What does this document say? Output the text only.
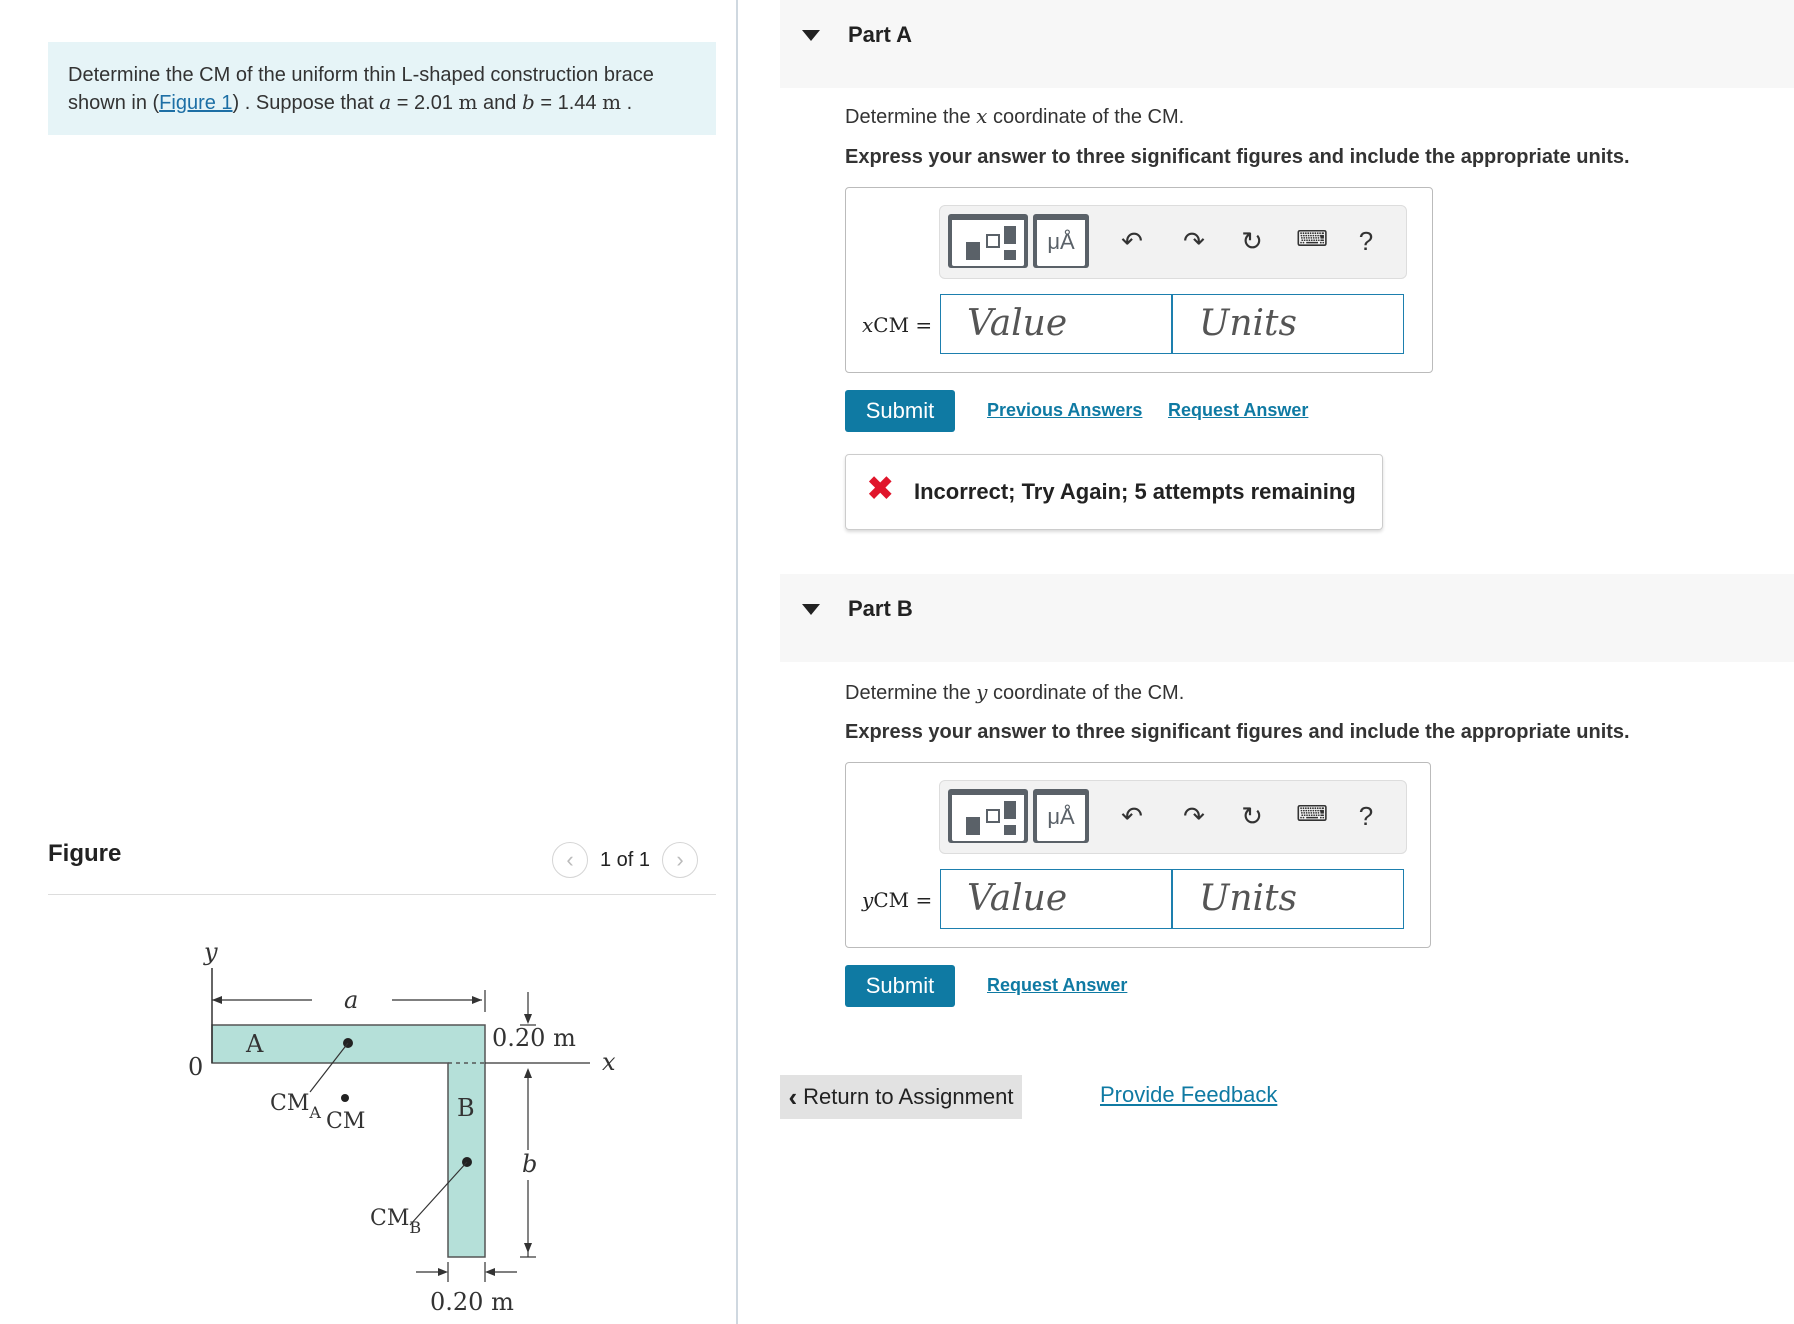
Determine the CM of the uniform thin L-shaped construction brace shown in (Figure 1) . Suppose that a = 2.01 m and b = 1.44 m .
Figure	‹	1 of 1	›
y
x
0
a
0.20 m
b
0.20 m
A
B
$CM_A$ CM
$CM_B$
Part A
Determine the x coordinate of the CM.
Express your answer to three significant figures and include the appropriate units.
μÅ	↶ ↷ ↻	⌨	?
xCM = Value	Units
Submit	Previous Answers Request Answer
✖ Incorrect; Try Again; 5 attempts remaining
Part B
Determine the y coordinate of the CM.
Express your answer to three significant figures and include the appropriate units.
μÅ	↶ ↷ ↻	⌨	?
yCM = Value	Units
Submit	Request Answer
‹ Return to Assignment	Provide Feedback
